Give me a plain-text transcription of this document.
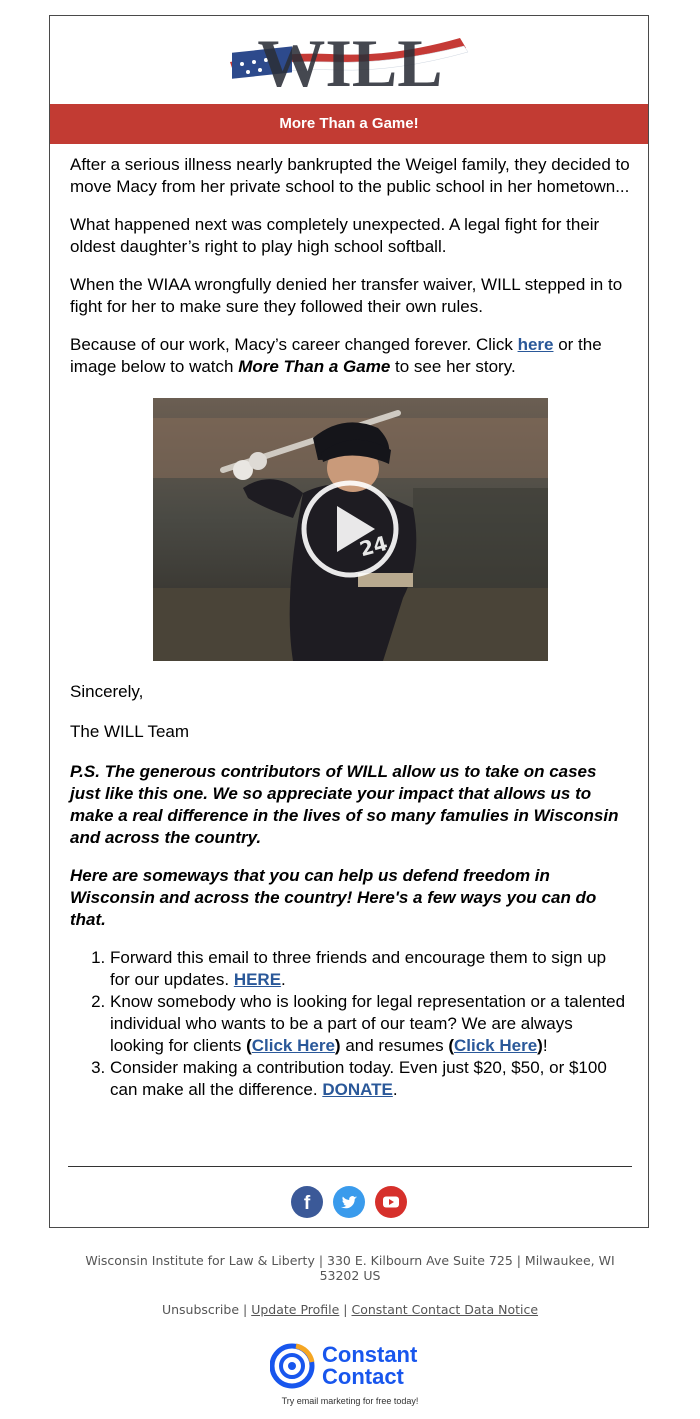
WILL
More Than a Game!

After a serious illness nearly bankrupted the Weigel family, they decided to move Macy from her private school to the public school in her hometown...

What happened next was completely unexpected. A legal fight for their oldest daughter’s right to play high school softball.

When the WIAA wrongfully denied her transfer waiver, WILL stepped in to fight for her to make sure they followed their own rules.

Because of our work, Macy’s career changed forever. Click here or the image below to watch More Than a Game to see her story.

24

Sincerely,

The WILL Team

P.S. The generous contributors of WILL allow us to take on cases just like this one. We so appreciate your impact that allows us to make a real difference in the lives of so many famulies in Wisconsin and across the country.

Here are someways that you can help us defend freedom in Wisconsin and across the country! Here's a few ways you can do that.

1. Forward this email to three friends and encourage them to sign up for our updates. HERE.
2. Know somebody who is looking for legal representation or a talented individual who wants to be a part of our team? We are always looking for clients (Click Here) and resumes (Click Here)!
3. Consider making a contribution today. Even just $20, $50, or $100 can make all the difference. DONATE.
f

Wisconsin Institute for Law & Liberty | 330 E. Kilbourn Ave Suite 725 | Milwaukee, WI 53202 US
Unsubscribe | Update Profile | Constant Contact Data Notice
Constant
Contact
Try email marketing for free today!
